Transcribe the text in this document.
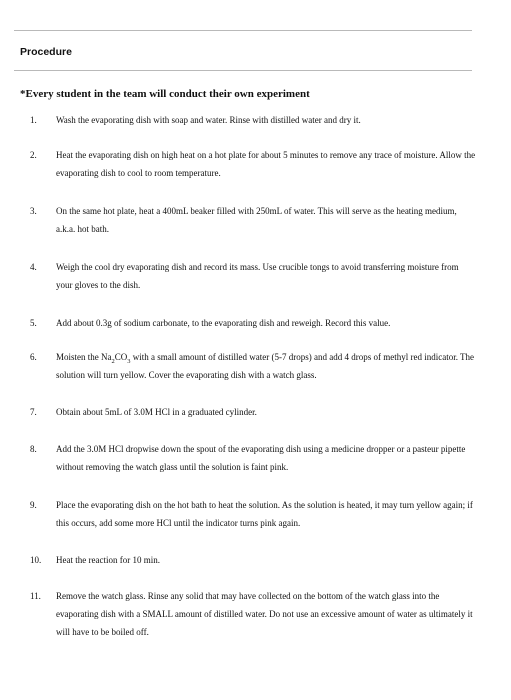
Procedure

*Every student in the team will conduct their own experiment

1.	Wash the evaporating dish with soap and water. Rinse with distilled water and dry it.
2.	Heat the evaporating dish on high heat on a hot plate for about 5 minutes to remove any trace of moisture. Allow the evaporating dish to cool to room temperature.
3.	On the same hot plate, heat a 400mL beaker filled with 250mL of water. This will serve as the heating medium, a.k.a. hot bath.
4.	Weigh the cool dry evaporating dish and record its mass. Use crucible tongs to avoid transferring moisture from your gloves to the dish.
5.	Add about 0.3g of sodium carbonate, to the evaporating dish and reweigh. Record this value.
6.	Moisten the $Na_2CO_3$ with a small amount of distilled water (5-7 drops) and add 4 drops of methyl red indicator. The solution will turn yellow. Cover the evaporating dish with a watch glass.
7.	Obtain about 5mL of 3.0M HCl in a graduated cylinder.
8.	Add the 3.0M HCl dropwise down the spout of the evaporating dish using a medicine dropper or a pasteur pipette without removing the watch glass until the solution is faint pink.
9.	Place the evaporating dish on the hot bath to heat the solution. As the solution is heated, it may turn yellow again; if this occurs, add some more HCl until the indicator turns pink again.
10.	Heat the reaction for 10 min.
11.	Remove the watch glass. Rinse any solid that may have collected on the bottom of the watch glass into the evaporating dish with a SMALL amount of distilled water. Do not use an excessive amount of water as ultimately it will have to be boiled off.
